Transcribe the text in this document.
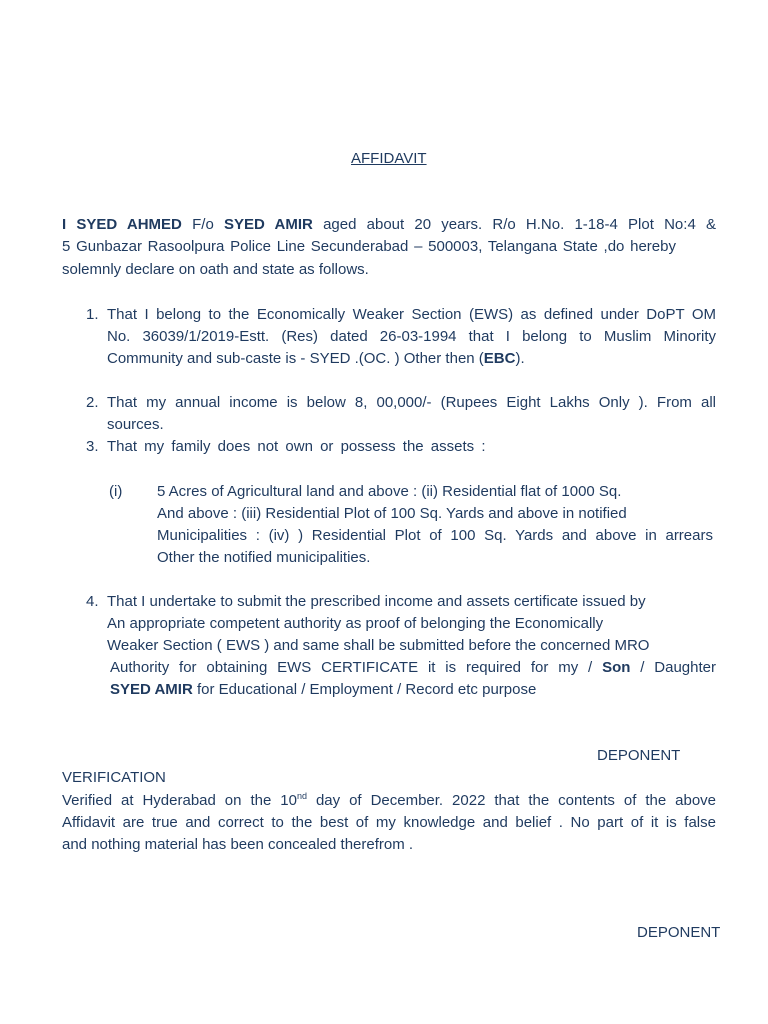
AFFIDAVIT
I SYED AHMED F/o SYED AMIR aged about 20 years. R/o H.No. 1-18-4 Plot No:4 &
5 Gunbazar Rasoolpura Police Line Secunderabad – 500003, Telangana State ,do hereby
solemnly declare on oath and state as follows.
1. That I belong to the Economically Weaker Section (EWS) as defined under DoPT OM
No. 36039/1/2019-Estt. (Res) dated 26-03-1994 that I belong to Muslim Minority
Community and sub-caste is - SYED .(OC. ) Other then (EBC).
2. That my annual income is below 8, 00,000/- (Rupees Eight Lakhs Only ). From all
sources.
3. That my family does not own or possess the assets :
(i) 5 Acres of Agricultural land and above : (ii) Residential flat of 1000 Sq.
And above : (iii) Residential Plot of 100 Sq. Yards and above in notified
Municipalities : (iv) ) Residential Plot of 100 Sq. Yards and above in arrears
Other the notified municipalities.
4. That I undertake to submit the prescribed income and assets certificate issued by
An appropriate competent authority as proof of belonging the Economically
Weaker Section ( EWS ) and same shall be submitted before the concerned MRO
Authority for obtaining EWS CERTIFICATE it is required for my / Son / Daughter
SYED AMIR for Educational / Employment / Record etc purpose
DEPONENT
VERIFICATION
Verified at Hyderabad on the 10nd day of December. 2022 that the contents of the above
Affidavit are true and correct to the best of my knowledge and belief . No part of it is false
and nothing material has been concealed therefrom .
DEPONENT
